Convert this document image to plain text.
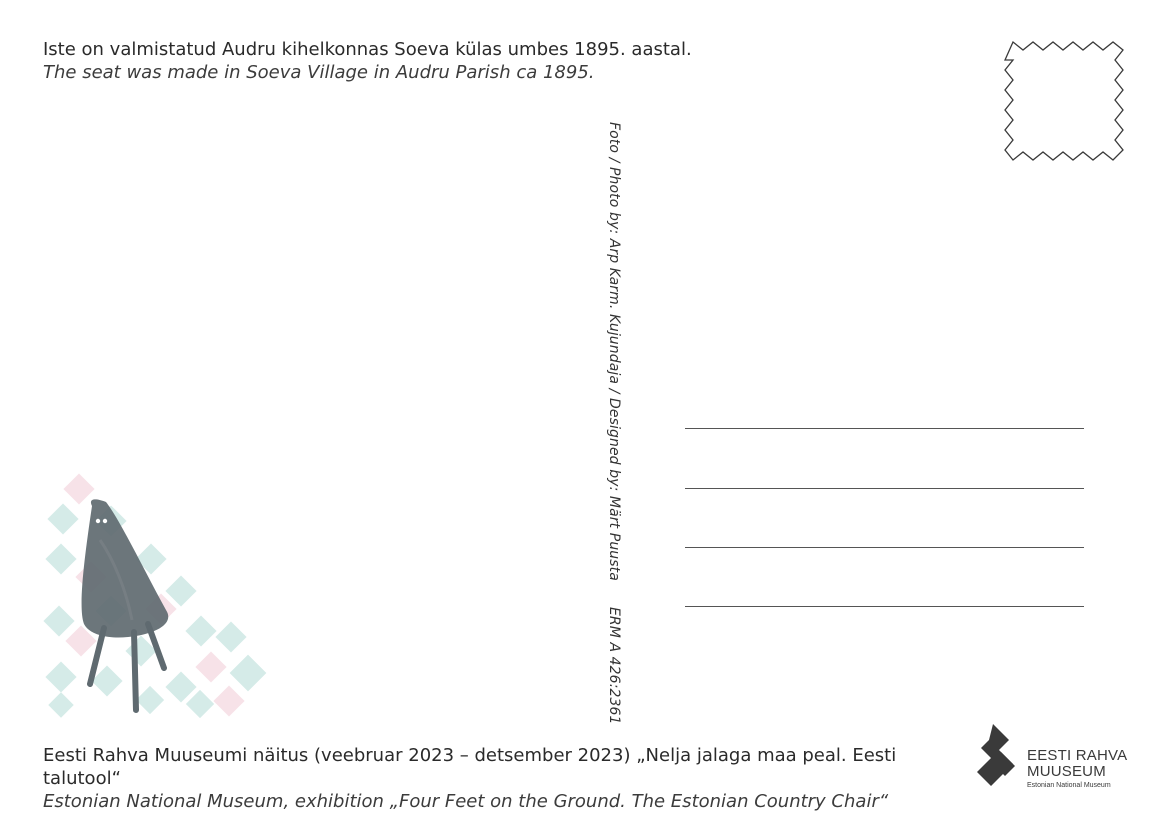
Iste on valmistatud Audru kihelkonnas Soeva külas umbes 1895. aastal.
The seat was made in Soeva Village in Audru Parish ca 1895.
Foto / Photo by: Arp Karm. Kujundaja / Designed by: Märt PuustaERM A 426:2361
Eesti Rahva Muuseumi näitus (veebruar 2023 – detsember 2023) „Nelja jalaga maa peal. Eesti talutool“
Estonian National Museum, exhibition „Four Feet on the Ground. The Estonian Country Chair“
EESTI RAHVA
MUUSEUM
Estonian National Museum
